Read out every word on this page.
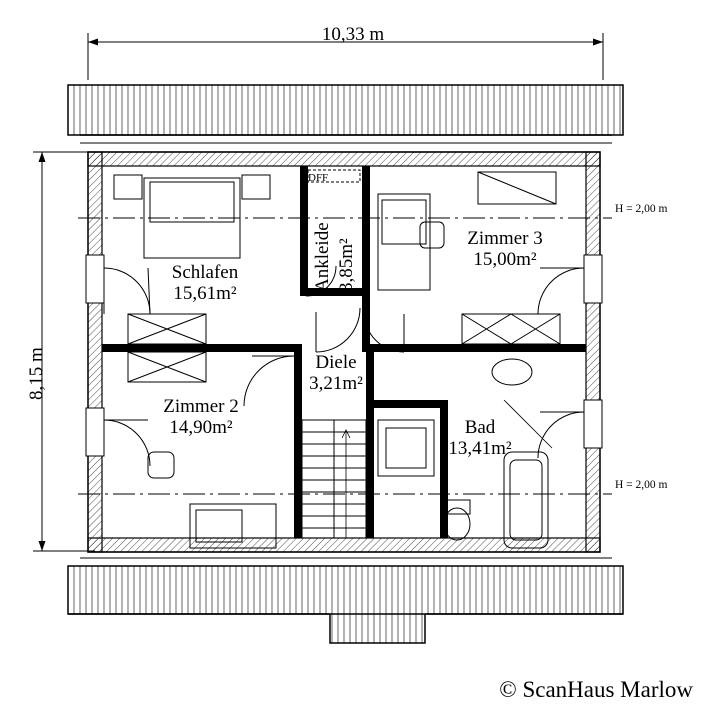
10,33 m
8,15 m
H = 2,00 m
H = 2,00 m
DFF
Schlafen
15,61m²
Ankleide 3,85m²	Zimmer 3
15,00m²
Diele
3,21m²
Zimmer 2
14,90m²	Bad
13,41m²
© ScanHaus Marlow
